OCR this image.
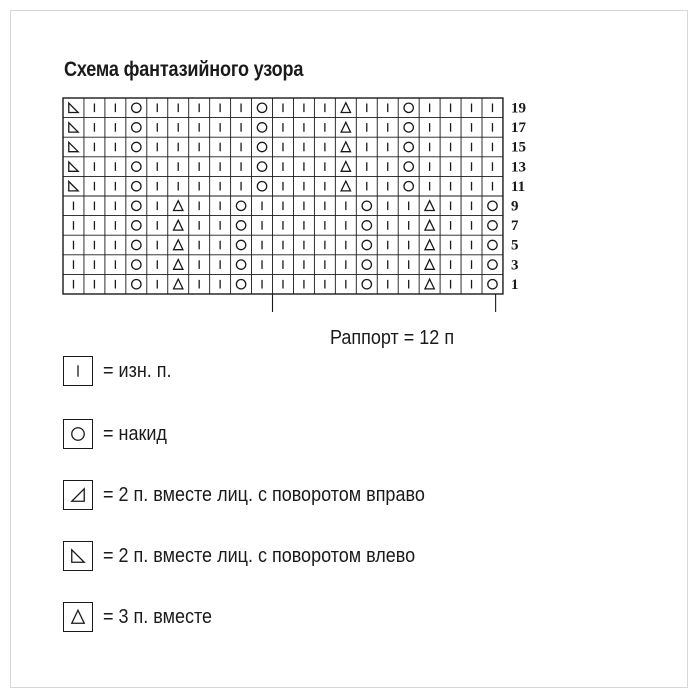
Схема фантазийного узора
19
17
15
13
11
9
7
5
3
1
Раппорт = 12 п
= изн. п.
= накид
= 2 п. вместе лиц. с поворотом вправо
= 2 п. вместе лиц. с поворотом влево
= 3 п. вместе
